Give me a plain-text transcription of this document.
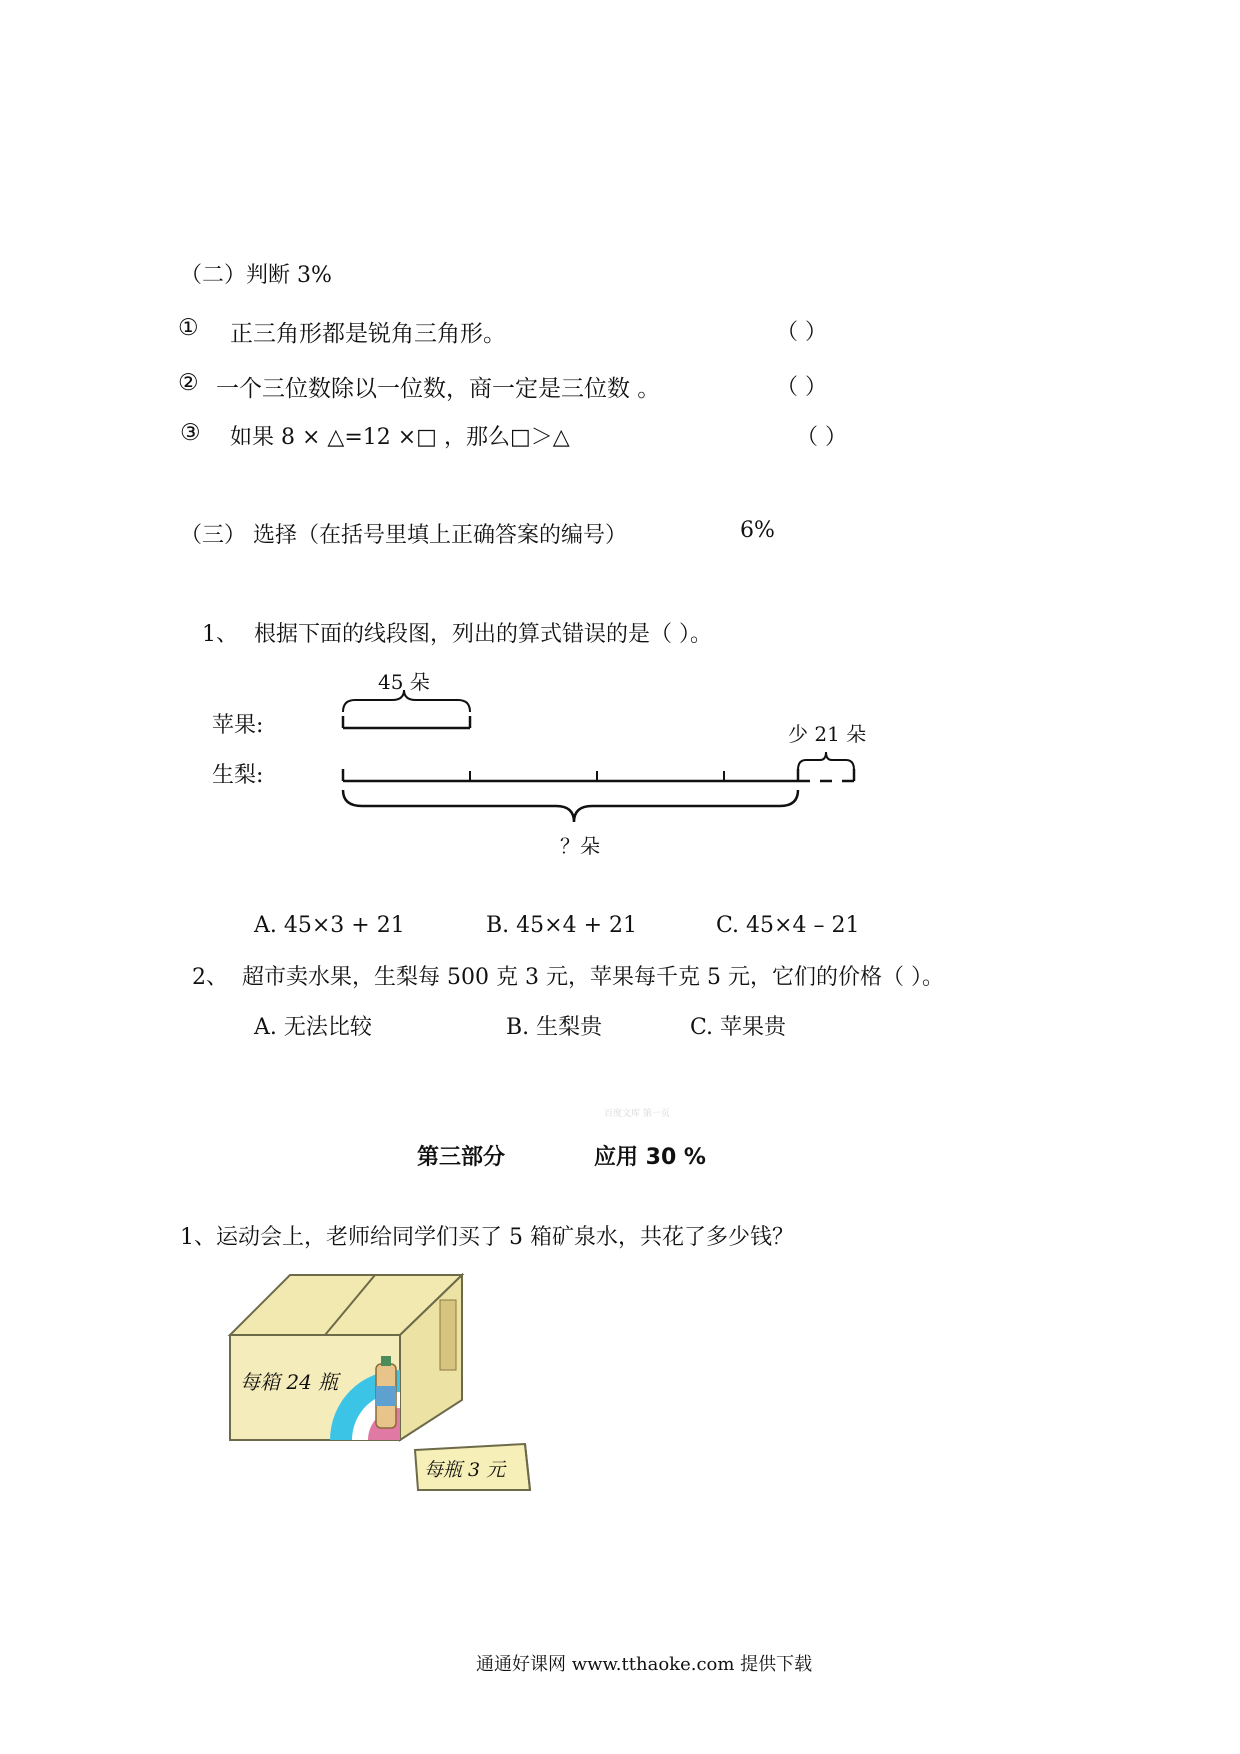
（二）判断 3%
① 正三角形都是锐角三角形。	（ ）
② 一个三位数除以一位数，商一定是三位数 。	（ ）
③ 如果 8 × △=12 ×□ ，那么□＞△	（ ）
（三） 选择（在括号里填上正确答案的编号）	6%
1、 根据下面的线段图，列出的算式错误的是（ ）。
45 朵
苹果:
生梨:
少 21 朵
？朵
A. 45×3 + 21	B. 45×4 + 21	C. 45×4 – 21
2、 超市卖水果，生梨每 500 克 3 元，苹果每千克 5 元，它们的价格（ ）。
A. 无法比较	B. 生梨贵	C. 苹果贵
百度文库 第一页
第三部分	应用 30 %
1、运动会上，老师给同学们买了 5 箱矿泉水，共花了多少钱？
每箱 24 瓶
每瓶 3 元
通通好课网 www.tthaoke.com 提供下载
